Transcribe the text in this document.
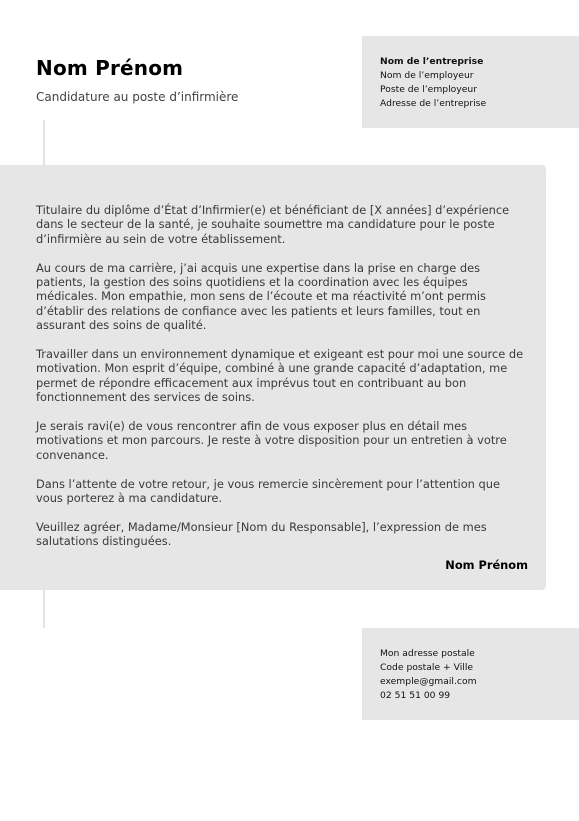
Nom Prénom

Candidature au poste d’infirmière

Nom de l’entreprise
Nom de l’employeur
Poste de l’employeur
Adresse de l’entreprise

Titulaire du diplôme d’État d’Infirmier(e) et bénéficiant de [X années] d’expérience dans le secteur de la santé, je souhaite soumettre ma candidature pour le poste d’infirmière au sein de votre établissement.

Au cours de ma carrière, j’ai acquis une expertise dans la prise en charge des patients, la gestion des soins quotidiens et la coordination avec les équipes médicales. Mon empathie, mon sens de l’écoute et ma réactivité m’ont permis d’établir des relations de confiance avec les patients et leurs familles, tout en assurant des soins de qualité.

Travailler dans un environnement dynamique et exigeant est pour moi une source de motivation. Mon esprit d’équipe, combiné à une grande capacité d’adaptation, me permet de répondre efficacement aux imprévus tout en contribuant au bon fonctionnement des services de soins.

Je serais ravi(e) de vous rencontrer afin de vous exposer plus en détail mes motivations et mon parcours. Je reste à votre disposition pour un entretien à votre convenance.

Dans l’attente de votre retour, je vous remercie sincèrement pour l’attention que vous porterez à ma candidature.

Veuillez agréer, Madame/Monsieur [Nom du Responsable], l’expression de mes salutations distinguées.

Nom Prénom
Mon adresse postale
Code postale + Ville
exemple@gmail.com
02 51 51 00 99
